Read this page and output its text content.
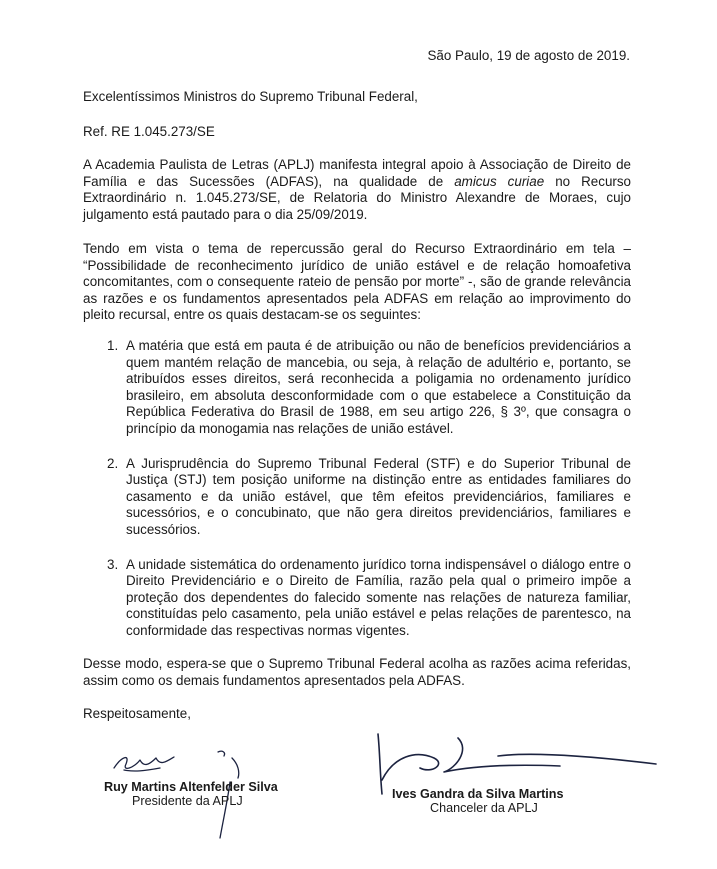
São Paulo, 19 de agosto de 2019.
Excelentíssimos Ministros do Supremo Tribunal Federal,
Ref. RE 1.045.273/SE
A Academia Paulista de Letras (APLJ) manifesta integral apoio à Associação de Direito de
Família e das Sucessões (ADFAS), na qualidade de amicus curiae no Recurso
Extraordinário n. 1.045.273/SE, de Relatoria do Ministro Alexandre de Moraes, cujo
julgamento está pautado para o dia 25/09/2019.
Tendo em vista o tema de repercussão geral do Recurso Extraordinário em tela –
“Possibilidade de reconhecimento jurídico de união estável e de relação homoafetiva
concomitantes, com o consequente rateio de pensão por morte” -, são de grande relevância
as razões e os fundamentos apresentados pela ADFAS em relação ao improvimento do
pleito recursal, entre os quais destacam-se os seguintes:
1. A matéria que está em pauta é de atribuição ou não de benefícios previdenciários a
quem mantém relação de mancebia, ou seja, à relação de adultério e, portanto, se
atribuídos esses direitos, será reconhecida a poligamia no ordenamento jurídico
brasileiro, em absoluta desconformidade com o que estabelece a Constituição da
República Federativa do Brasil de 1988, em seu artigo 226, § 3º, que consagra o
princípio da monogamia nas relações de união estável.
2. A Jurisprudência do Supremo Tribunal Federal (STF) e do Superior Tribunal de
Justiça (STJ) tem posição uniforme na distinção entre as entidades familiares do
casamento e da união estável, que têm efeitos previdenciários, familiares e
sucessórios, e o concubinato, que não gera direitos previdenciários, familiares e
sucessórios.
3. A unidade sistemática do ordenamento jurídico torna indispensável o diálogo entre o
Direito Previdenciário e o Direito de Família, razão pela qual o primeiro impõe a
proteção dos dependentes do falecido somente nas relações de natureza familiar,
constituídas pelo casamento, pela união estável e pelas relações de parentesco, na
conformidade das respectivas normas vigentes.
Desse modo, espera-se que o Supremo Tribunal Federal acolha as razões acima referidas,
assim como os demais fundamentos apresentados pela ADFAS.
Respeitosamente,
Ruy Martins Altenfelder Silva
Presidente da APLJ	Ives Gandra da Silva Martins
Chanceler da APLJ
